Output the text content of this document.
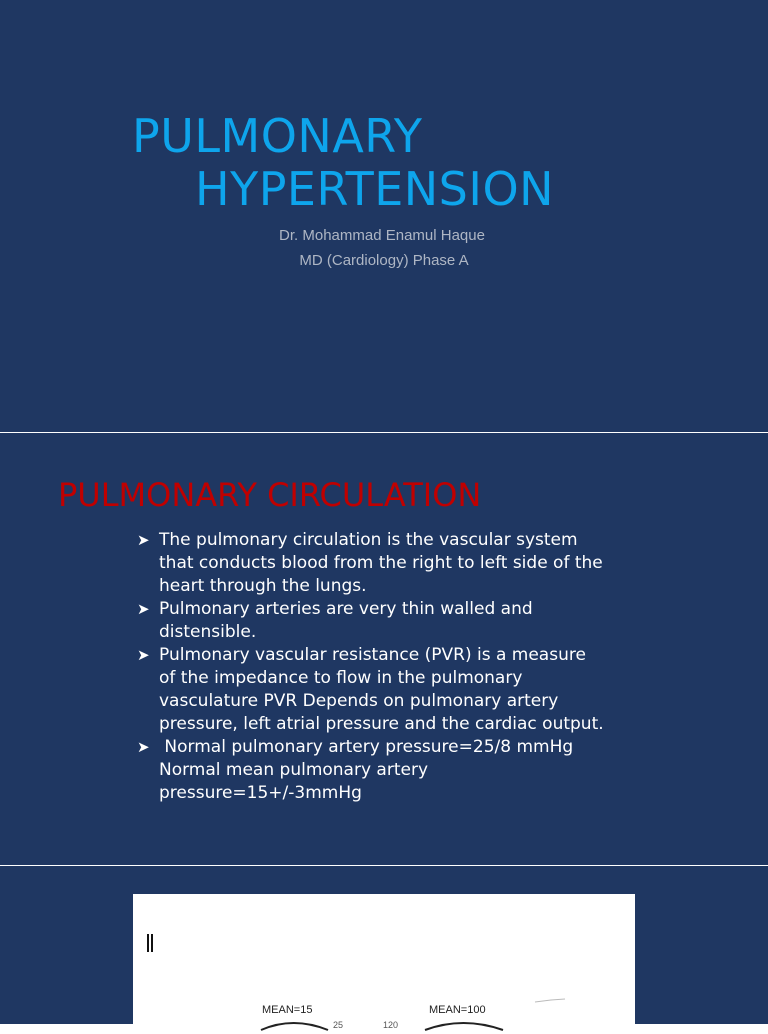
PULMONARY
HYPERTENSION
Dr. Mohammad Enamul Haque
MD (Cardiology) Phase A
PULMONARY CIRCULATION
➤ The pulmonary circulation is the vascular system that conducts blood from the right to left side of the heart through the lungs.
➤ Pulmonary arteries are very thin walled and distensible.
➤ Pulmonary vascular resistance (PVR) is a measure of the impedance to flow in the pulmonary vasculature PVR Depends on pulmonary artery pressure, left atrial pressure and the cardiac output.
➤ Normal pulmonary artery pressure=25/8 mmHg Normal mean pulmonary artery pressure=15+/-3mmHg
MEAN=15	MEAN=100
25	120
